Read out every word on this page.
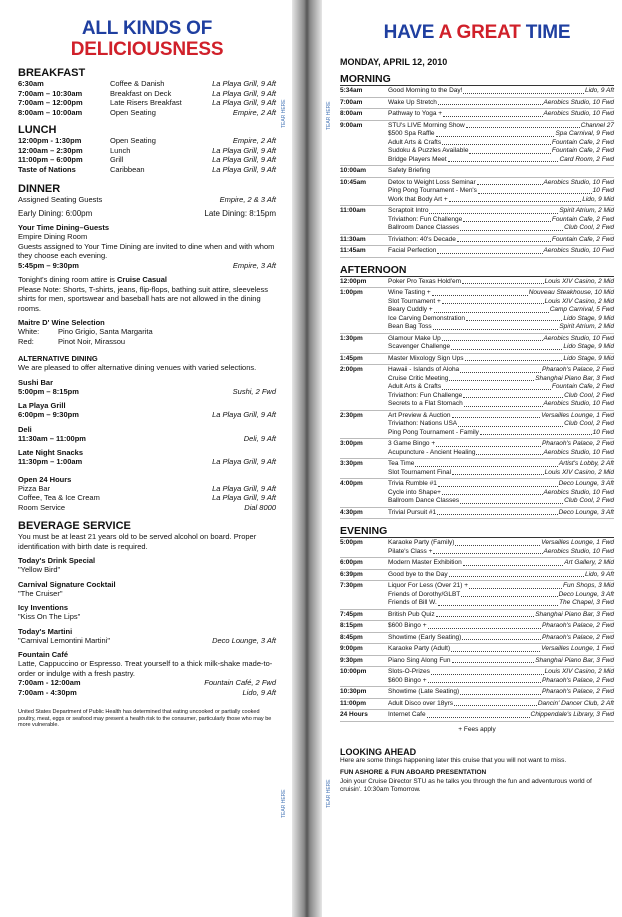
ALL KINDS OF
DELICIOUSNESS
BREAKFAST
6:30am	Coffee & Danish	La Playa Grill, 9 Aft
7:00am – 10:30am	Breakfast on Deck	La Playa Grill, 9 Aft
7:00am – 12:00pm	Late Risers Breakfast	La Playa Grill, 9 Aft
8:00am – 10:00am	Open Seating	Empire, 2 Aft
LUNCH
12:00pm - 1:30pm	Open Seating	Empire, 2 Aft
12:00am – 2:30pm	Lunch	La Playa Grill, 9 Aft
11:00pm – 6:00pm	Grill	La Playa Grill, 9 Aft
Taste of Nations	Caribbean	La Playa Grill, 9 Aft
DINNER
Assigned Seating Guests	Empire, 2 & 3 Aft
Early Dining: 6:00pm	Late Dining: 8:15pm
Your Time Dining–Guests
Empire Dining Room
Guests assigned to Your Time Dining are invited to dine when and with whom they choose each evening.
5:45pm – 9:30pm	Empire, 3 Aft
Tonight's dining room attire is Cruise Casual
Please Note: Shorts, T-shirts, jeans, flip-flops, bathing suit attire, sleeveless shirts for men, sportswear and baseball hats are not allowed in the dining rooms.
Maitre D' Wine Selection
White:	Pino Grigio, Santa Margarita
Red:	Pinot Noir, Mirassou
ALTERNATIVE DINING
We are pleased to offer alternative dining venues with varied selections.
Sushi Bar
5:00pm – 8:15pm	Sushi, 2 Fwd
La Playa Grill
6:00pm – 9:30pm	La Playa Grill, 9 Aft
Deli
11:30am – 11:00pm	Deli, 9 Aft
Late Night Snacks
11:30pm – 1:00am	La Playa Grill, 9 Aft
Open 24 Hours
Pizza Bar	La Playa Grill, 9 Aft
Coffee, Tea & Ice Cream	La Playa Grill, 9 Aft
Room Service	Dial 8000
BEVERAGE SERVICE
You must be at least 21 years old to be served alcohol on board. Proper identification with birth date is required.
Today's Drink Special
"Yellow Bird"
Carnival Signature Cocktail
"The Cruiser"
Icy Inventions
"Kiss On The Lips"
Today's Martini
"Carnival Lemontini Martini"	Deco Lounge, 3 Aft
Fountain Café
Latte, Cappuccino or Espresso. Treat yourself to a thick milk-shake made-to-order or indulge with a fresh pastry.
7:00am - 12:00am	Fountain Café, 2 Fwd
7:00am - 4:30pm	Lido, 9 Aft
United States Department of Public Health has determined that eating uncooked or partially cooked poultry, meat, eggs or seafood may present a health risk to the consumer, particularly those who may be more vulnerable.
TEAR HERE
TEAR HERE
TEAR HERE
TEAR HERE
HAVE A GREAT TIME
MONDAY, APRIL 12, 2010
MORNING
5:34am	Good Morning to the Day!	Lido, 9 Aft
7:00am	Wake Up Stretch	Aerobics Studio, 10 Fwd
8:00am	Pathway to Yoga +	Aerobics Studio, 10 Fwd
9:00am	STU's LIVE Morning Show	Channel 27
$500 Spa Raffle	Spa Carnival, 9 Fwd
Adult Arts & Crafts	Fountain Cafe, 2 Fwd
Sudoku & Puzzles Available	Fountain Cafe, 2 Fwd
Bridge Players Meet	Card Room, 2 Fwd
10:00am	Safety Briefing
10:45am	Detox to Weight Loss Seminar	Aerobics Studio, 10 Fwd
Ping Pong Tournament - Men's	10 Fwd
Work that Body Art +	Lido, 9 Mid
11:00am	Scraptoit Intro	Spirit Atrium, 2 Mid
Triviathon: Fun Challenge	Fountain Cafe, 2 Fwd
Ballroom Dance Classes	Club Cool, 2 Fwd
11:30am	Triviathon: 40's Decade	Fountain Cafe, 2 Fwd
11:45am	Facial Perfection	Aerobics Studio, 10 Fwd
AFTERNOON
12:00pm	Poker Pro Texas Hold'em	Louis XIV Casino, 2 Mid
1:00pm	Wine Tasting +	Nouveau Steakhouse, 10 Mid
Slot Tournament +	Louis XIV Casino, 2 Mid
Beary Cuddly +	Camp Carnival, 5 Fwd
Ice Carving Demonstration	Lido Stage, 9 Mid
Bean Bag Toss	Spirit Atrium, 2 Mid
1:30pm	Glamour Make Up	Aerobics Studio, 10 Fwd
Scavenger Challenge	Lido Stage, 9 Mid
1:45pm	Master Mixology Sign Ups	Lido Stage, 9 Mid
2:00pm	Hawaii - Islands of Aloha	Pharaoh's Palace, 2 Fwd
Cruise Critic Meeting	Shanghai Piano Bar, 3 Fwd
Adult Arts & Crafts	Fountain Cafe, 2 Fwd
Triviathon: Fun Challenge	Club Cool, 2 Fwd
Secrets to a Flat Stomach	Aerobics Studio, 10 Fwd
2:30pm	Art Preview & Auction	Versailles Lounge, 1 Fwd
Triviathon: Nations USA	Club Cool, 2 Fwd
Ping Pong Tournament - Family	10 Fwd
3:00pm	3 Game Bingo +	Pharaoh's Palace, 2 Fwd
Acupuncture - Ancient Healing	Aerobics Studio, 10 Fwd
3:30pm	Tea Time	Artist's Lobby, 2 Aft
Slot Tournament Final	Louis XIV Casino, 2 Mid
4:00pm	Trivia Rumble #1	Deco Lounge, 3 Aft
Cycle into Shape+	Aerobics Studio, 10 Fwd
Ballroom Dance Classes	Club Cool, 2 Fwd
4:30pm	Trivial Pursuit #1	Deco Lounge, 3 Aft
EVENING
5:00pm	Karaoke Party (Family)	Versailles Lounge, 1 Fwd
Pilate's Class +	Aerobics Studio, 10 Fwd
6:00pm	Modern Master Exhibition	Art Gallery, 2 Mid
6:39pm	Good bye to the Day	Lido, 9 Aft
7:30pm	Liquor For Less (Over 21) +	Fun Shops, 3 Mid
Friends of Dorothy/GLBT	Deco Lounge, 3 Aft
Friends of Bill W.	The Chapel, 3 Fwd
7:45pm	British Pub Quiz	Shanghai Piano Bar, 3 Fwd
8:15pm	$600 Bingo +	Pharaoh's Palace, 2 Fwd
8:45pm	Showtime (Early Seating)	Pharaoh's Palace, 2 Fwd
9:00pm	Karaoke Party (Adult)	Versailles Lounge, 1 Fwd
9:30pm	Piano Sing Along Fun	Shanghai Piano Bar, 3 Fwd
10:00pm	Slots-O-Prizes	Louis XIV Casino, 2 Mid
$600 Bingo +	Pharaoh's Palace, 2 Fwd
10:30pm	Showtime (Late Seating)	Pharaoh's Palace, 2 Fwd
11:00pm	Adult Disco over 18yrs	Dancin' Dancer Club, 2 Aft
24 Hours	Internet Cafe	Chippendale's Library, 3 Fwd
+ Fees apply
LOOKING AHEAD
Here are some things happening later this cruise that you will not want to miss.
FUN ASHORE & FUN ABOARD PRESENTATION
Join your Cruise Director STU as he talks you through the fun and adventurous world of cruisin'. 10:30am Tomorrow.
